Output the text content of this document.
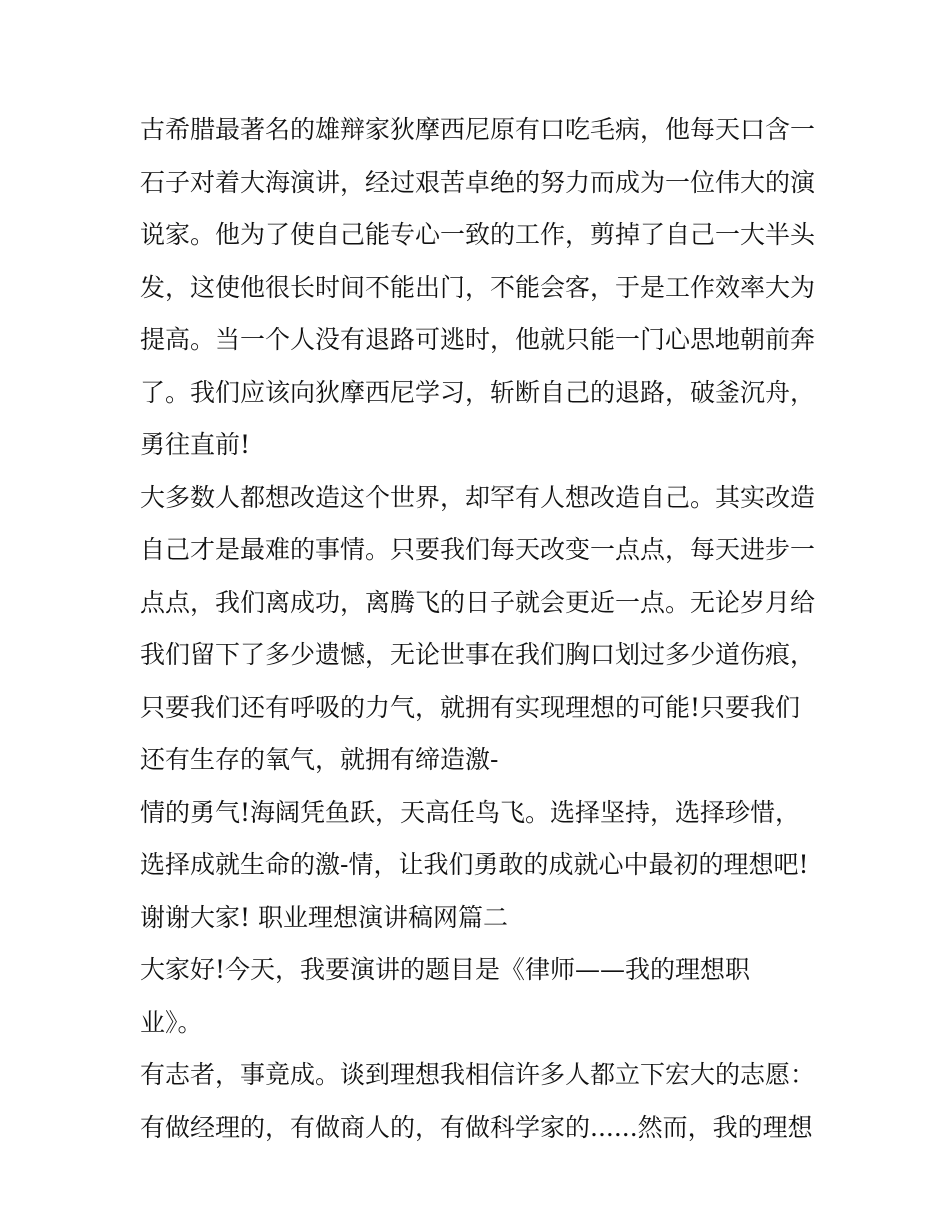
古希腊最著名的雄辩家狄摩西尼原有口吃毛病，他每天口含一
石子对着大海演讲，经过艰苦卓绝的努力而成为一位伟大的演
说家。他为了使自己能专心一致的工作，剪掉了自己一大半头
发，这使他很长时间不能出门，不能会客，于是工作效率大为
提高。当一个人没有退路可逃时，他就只能一门心思地朝前奔
了。我们应该向狄摩西尼学习，斩断自己的退路，破釜沉舟，
勇往直前!
大多数人都想改造这个世界，却罕有人想改造自己。其实改造
自己才是最难的事情。只要我们每天改变一点点，每天进步一
点点，我们离成功，离腾飞的日子就会更近一点。无论岁月给
我们留下了多少遗憾，无论世事在我们胸口划过多少道伤痕，
只要我们还有呼吸的力气，就拥有实现理想的可能!只要我们
还有生存的氧气，就拥有缔造激-
情的勇气!海阔凭鱼跃，天高任鸟飞。选择坚持，选择珍惜，
选择成就生命的激-情，让我们勇敢的成就心中最初的理想吧!
谢谢大家! 职业理想演讲稿网篇二
大家好!今天，我要演讲的题目是《律师——我的理想职
业》。
有志者，事竟成。谈到理想我相信许多人都立下宏大的志愿：
有做经理的，有做商人的，有做科学家的......然而，我的理想
